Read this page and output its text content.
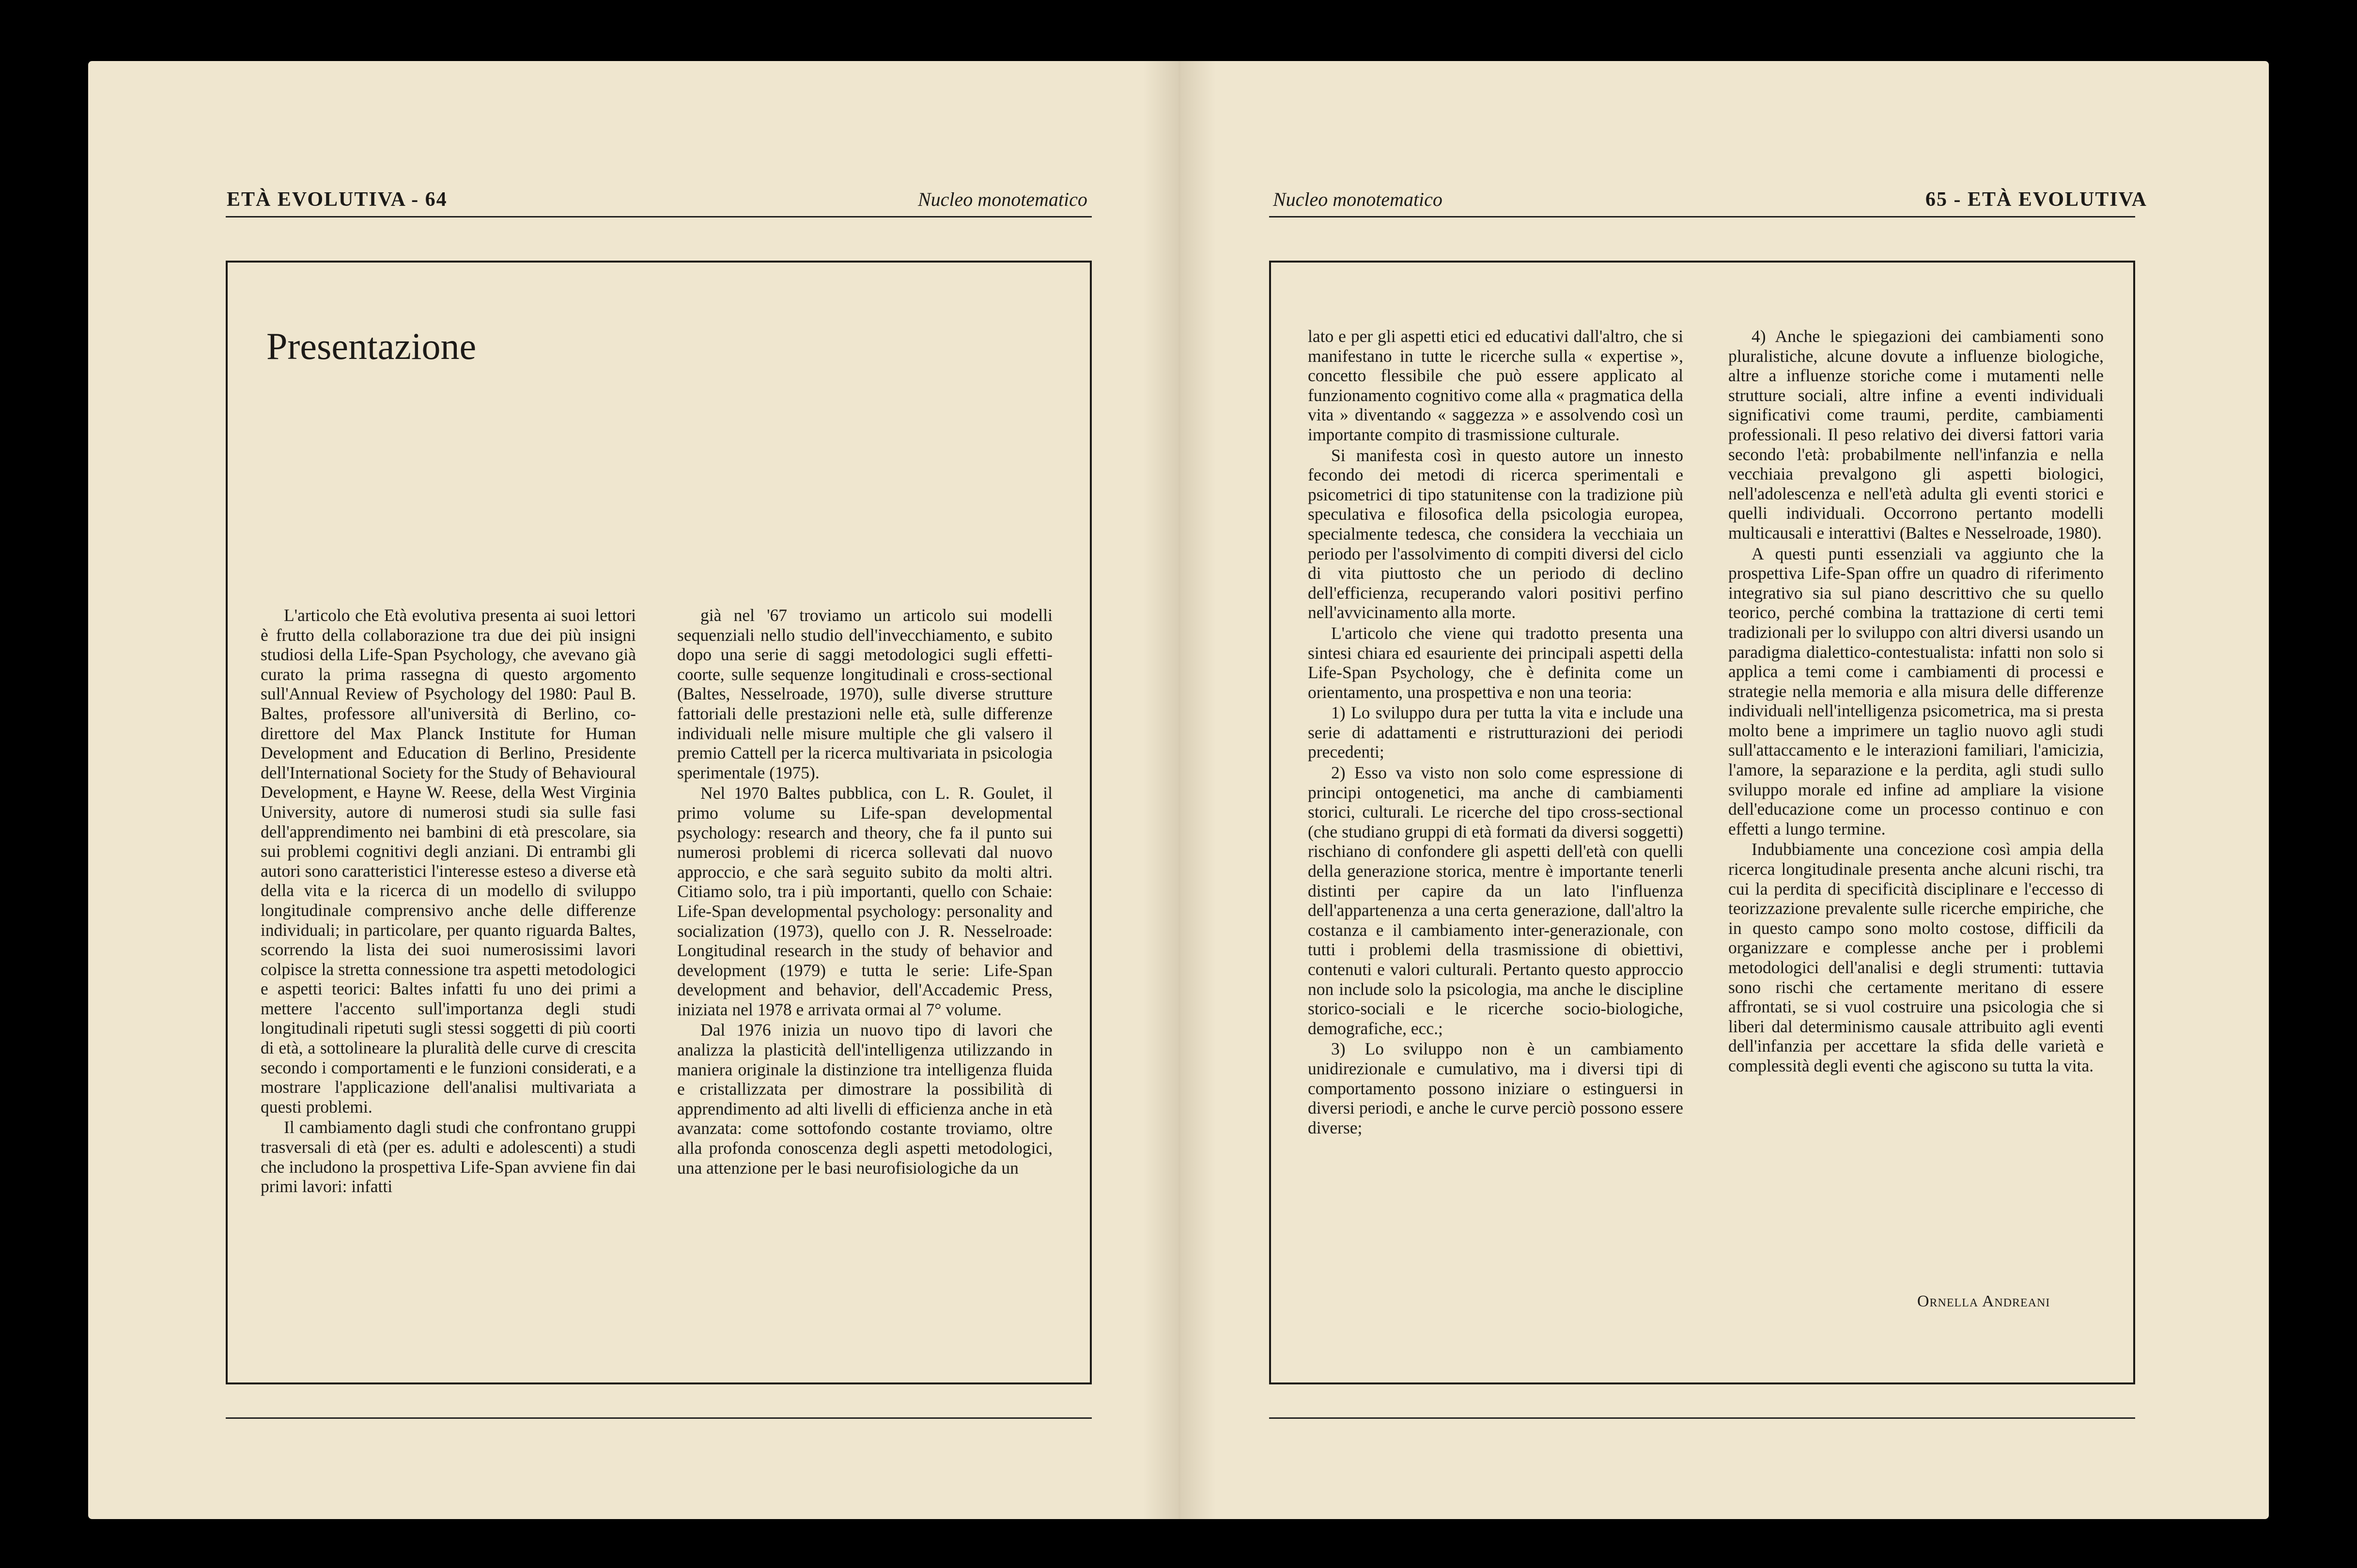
ETÀ EVOLUTIVA - 64	Nucleo monotematico
Presentazione

L'articolo che Età evolutiva presenta ai suoi lettori è frutto della collaborazione tra due dei più insigni studiosi della Life-Span Psychology, che avevano già curato la prima rassegna di questo argomento sull'Annual Review of Psychology del 1980: Paul B. Baltes, professore all'università di Berlino, co-direttore del Max Planck Institute for Human Development and Education di Berlino, Presidente dell'International Society for the Study of Behavioural Development, e Hayne W. Reese, della West Virginia University, autore di numerosi studi sia sulle fasi dell'apprendimento nei bambini di età prescolare, sia sui problemi cognitivi degli anziani. Di entrambi gli autori sono caratteristici l'interesse esteso a diverse età della vita e la ricerca di un modello di sviluppo longitudinale comprensivo anche delle differenze individuali; in particolare, per quanto riguarda Baltes, scorrendo la lista dei suoi numerosissimi lavori colpisce la stretta connessione tra aspetti metodologici e aspetti teorici: Baltes infatti fu uno dei primi a mettere l'accento sull'importanza degli studi longitudinali ripetuti sugli stessi soggetti di più coorti di età, a sottolineare la pluralità delle curve di crescita secondo i comportamenti e le funzioni considerati, e a mostrare l'applicazione dell'analisi multivariata a questi problemi.

Il cambiamento dagli studi che confrontano gruppi trasversali di età (per es. adulti e adolescenti) a studi che includono la prospettiva Life-Span avviene fin dai primi lavori: infatti

già nel '67 troviamo un articolo sui modelli sequenziali nello studio dell'invecchiamento, e subito dopo una serie di saggi metodologici sugli effetti-coorte, sulle sequenze longitudinali e cross-sectional (Baltes, Nesselroade, 1970), sulle diverse strutture fattoriali delle prestazioni nelle età, sulle differenze individuali nelle misure multiple che gli valsero il premio Cattell per la ricerca multivariata in psicologia sperimentale (1975).

Nel 1970 Baltes pubblica, con L. R. Goulet, il primo volume su Life-span developmental psychology: research and theory, che fa il punto sui numerosi problemi di ricerca sollevati dal nuovo approccio, e che sarà seguito subito da molti altri. Citiamo solo, tra i più importanti, quello con Schaie: Life-Span developmental psychology: personality and socialization (1973), quello con J. R. Nesselroade: Longitudinal research in the study of behavior and development (1979) e tutta le serie: Life-Span development and behavior, dell'Accademic Press, iniziata nel 1978 e arrivata ormai al 7° volume.

Dal 1976 inizia un nuovo tipo di lavori che analizza la plasticità dell'intelligenza utilizzando in maniera originale la distinzione tra intelligenza fluida e cristallizzata per dimostrare la possibilità di apprendimento ad alti livelli di efficienza anche in età avanzata: come sottofondo costante troviamo, oltre alla profonda conoscenza degli aspetti metodologici, una attenzione per le basi neurofisiologiche da un

Nucleo monotematico	65 - ETÀ EVOLUTIVA

lato e per gli aspetti etici ed educativi dall'altro, che si manifestano in tutte le ricerche sulla « expertise », concetto flessibile che può essere applicato al funzionamento cognitivo come alla « pragmatica della vita » diventando « saggezza » e assolvendo così un importante compito di trasmissione culturale.

Si manifesta così in questo autore un innesto fecondo dei metodi di ricerca sperimentali e psicometrici di tipo statunitense con la tradizione più speculativa e filosofica della psicologia europea, specialmente tedesca, che considera la vecchiaia un periodo per l'assolvimento di compiti diversi del ciclo di vita piuttosto che un periodo di declino dell'efficienza, recuperando valori positivi perfino nell'avvicinamento alla morte.

L'articolo che viene qui tradotto presenta una sintesi chiara ed esauriente dei principali aspetti della Life-Span Psychology, che è definita come un orientamento, una prospettiva e non una teoria:

1) Lo sviluppo dura per tutta la vita e include una serie di adattamenti e ristrutturazioni dei periodi precedenti;

2) Esso va visto non solo come espressione di principi ontogenetici, ma anche di cambiamenti storici, culturali. Le ricerche del tipo cross-sectional (che studiano gruppi di età formati da diversi soggetti) rischiano di confondere gli aspetti dell'età con quelli della generazione storica, mentre è importante tenerli distinti per capire da un lato l'influenza dell'appartenenza a una certa generazione, dall'altro la costanza e il cambiamento inter-generazionale, con tutti i problemi della trasmissione di obiettivi, contenuti e valori culturali. Pertanto questo approccio non include solo la psicologia, ma anche le discipline storico-sociali e le ricerche socio-biologiche, demografiche, ecc.;

3) Lo sviluppo non è un cambiamento unidirezionale e cumulativo, ma i diversi tipi di comportamento possono iniziare o estinguersi in diversi periodi, e anche le curve perciò possono essere diverse;

4) Anche le spiegazioni dei cambiamenti sono pluralistiche, alcune dovute a influenze biologiche, altre a influenze storiche come i mutamenti nelle strutture sociali, altre infine a eventi individuali significativi come traumi, perdite, cambiamenti professionali. Il peso relativo dei diversi fattori varia secondo l'età: probabilmente nell'infanzia e nella vecchiaia prevalgono gli aspetti biologici, nell'adolescenza e nell'età adulta gli eventi storici e quelli individuali. Occorrono pertanto modelli multicausali e interattivi (Baltes e Nesselroade, 1980).

A questi punti essenziali va aggiunto che la prospettiva Life-Span offre un quadro di riferimento integrativo sia sul piano descrittivo che su quello teorico, perché combina la trattazione di certi temi tradizionali per lo sviluppo con altri diversi usando un paradigma dialettico-contestualista: infatti non solo si applica a temi come i cambiamenti di processi e strategie nella memoria e alla misura delle differenze individuali nell'intelligenza psicometrica, ma si presta molto bene a imprimere un taglio nuovo agli studi sull'attaccamento e le interazioni familiari, l'amicizia, l'amore, la separazione e la perdita, agli studi sullo sviluppo morale ed infine ad ampliare la visione dell'educazione come un processo continuo e con effetti a lungo termine.

Indubbiamente una concezione così ampia della ricerca longitudinale presenta anche alcuni rischi, tra cui la perdita di specificità disciplinare e l'eccesso di teorizzazione prevalente sulle ricerche empiriche, che in questo campo sono molto costose, difficili da organizzare e complesse anche per i problemi metodologici dell'analisi e degli strumenti: tuttavia sono rischi che certamente meritano di essere affrontati, se si vuol costruire una psicologia che si liberi dal determinismo causale attribuito agli eventi dell'infanzia per accettare la sfida delle varietà e complessità degli eventi che agiscono su tutta la vita.

Ornella Andreani
